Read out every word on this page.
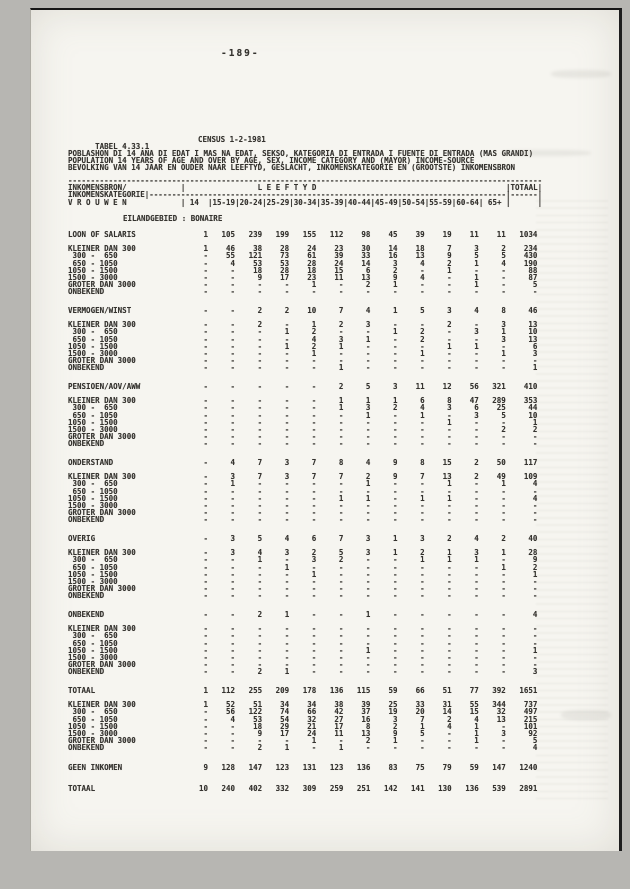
-189-

TABEL 4.33.1

CENSUS 1-2-1981

POBLASHON DI 14 ANA DI EDAT I MAS NA EDAT, SEKSO, KATEGORIA DI ENTRADA I FUENTE DI ENTRADA (MAS GRANDI)
POPULATION 14 YEARS OF AGE AND OVER BY AGE, SEX, INCOME CATEGORY AND (MAYOR) INCOME-SOURCE
BEVOLKING VAN 14 JAAR EN OUDER NAAR LEEFTYD, GESLACHT, INKOMENSKATEGORIE EN (GROOTSTE) INKOMENSBRON
---------------------------------------------------------------------------------------------------------
INKOMENSBRON/            |                L E E F T Y D                                          |TOTAAL|
INKOMENSKATEGORIE|-------------------------------------------------------------------------------|------|
V R O U W E N            | 14  |15-19|20-24|25-29|30-34|35-39|40-44|45-49|50-54|55-59|60-64| 65+ |      |
EILANDGEBIED : BONAIRE
LOON OF SALARIS	1	105	239	199	155	112	98	45	39	19	11	11	1034
KLEINER DAN 300	1	46	38	28	24	23	30	14	18	7	3	2	234
300 -  650	-	55	121	73	61	39	33	16	13	9	5	5	430
650 - 1050	-	4	53	53	28	24	14	3	4	2	1	4	190
1050 - 1500	-	-	18	28	18	15	6	2	-	1	-	-	88
1500 - 3000	-	-	9	17	23	11	13	9	4	-	1	-	87
GROTER DAN 3000	-	-	-	-	1	-	2	1	-	-	1	-	5
ONBEKEND	-	-	-	-	-	-	-	-	-	-	-	-	-
VERMOGEN/WINST	-	-	2	2	10	7	4	1	5	3	4	8	46
KLEINER DAN 300	-	-	2	-	1	2	3	-	-	2	-	3	13
300 -  650	-	-	-	1	2	-	-	1	2	-	3	1	10
650 - 1050	-	-	-	-	4	3	1	-	2	-	-	3	13
1050 - 1500	-	-	-	1	2	1	-	-	-	1	1	-	6
1500 - 3000	-	-	-	-	1	-	-	-	1	-	-	1	3
GROTER DAN 3000	-	-	-	-	-	-	-	-	-	-	-	-	-
ONBEKEND	-	-	-	-	-	1	-	-	-	-	-	-	1
PENSIOEN/AOV/AWW	-	-	-	-	-	2	5	3	11	12	56	321	410
KLEINER DAN 300	-	-	-	-	-	1	1	1	6	8	47	289	353
300 -  650	-	-	-	-	-	1	3	2	4	3	6	25	44
650 - 1050	-	-	-	-	-	-	1	-	1	-	3	5	10
1050 - 1500	-	-	-	-	-	-	-	-	-	1	-	-	1
1500 - 3000	-	-	-	-	-	-	-	-	-	-	-	2	2
GROTER DAN 3000	-	-	-	-	-	-	-	-	-	-	-	-	-
ONBEKEND	-	-	-	-	-	-	-	-	-	-	-	-	-
ONDERSTAND	-	4	7	3	7	8	4	9	8	15	2	50	117
KLEINER DAN 300	-	3	7	3	7	7	2	9	7	13	2	49	109
300 -  650	-	1	-	-	-	-	1	-	-	1	-	1	4
650 - 1050	-	-	-	-	-	-	-	-	-	-	-	-	-
1050 - 1500	-	-	-	-	-	1	1	-	1	1	-	-	4
1500 - 3000	-	-	-	-	-	-	-	-	-	-	-	-	-
GROTER DAN 3000	-	-	-	-	-	-	-	-	-	-	-	-	-
ONBEKEND	-	-	-	-	-	-	-	-	-	-	-	-	-
OVERIG	-	3	5	4	6	7	3	1	3	2	4	2	40
KLEINER DAN 300	-	3	4	3	2	5	3	1	2	1	3	1	28
300 -  650	-	-	1	-	3	2	-	-	1	1	1	-	9
650 - 1050	-	-	-	1	-	-	-	-	-	-	-	1	2
1050 - 1500	-	-	-	-	1	-	-	-	-	-	-	-	1
1500 - 3000	-	-	-	-	-	-	-	-	-	-	-	-	-
GROTER DAN 3000	-	-	-	-	-	-	-	-	-	-	-	-	-
ONBEKEND	-	-	-	-	-	-	-	-	-	-	-	-	-
ONBEKEND	-	-	2	1	-	-	1	-	-	-	-	-	4
KLEINER DAN 300	-	-	-	-	-	-	-	-	-	-	-	-	-
300 -  650	-	-	-	-	-	-	-	-	-	-	-	-	-
650 - 1050	-	-	-	-	-	-	-	-	-	-	-	-	-
1050 - 1500	-	-	-	-	-	-	1	-	-	-	-	-	1
1500 - 3000	-	-	-	-	-	-	-	-	-	-	-	-	-
GROTER DAN 3000	-	-	-	-	-	-	-	-	-	-	-	-	-
ONBEKEND	-	-	2	1	-	-	-	-	-	-	-	-	3
TOTAAL	1	112	255	209	178	136	115	59	66	51	77	392	1651
KLEINER DAN 300	1	52	51	34	34	38	39	25	33	31	55	344	737
300 -  650	-	56	122	74	66	42	37	19	20	14	15	32	497
650 - 1050	-	4	53	54	32	27	16	3	7	2	4	13	215
1050 - 1500	-	-	18	29	21	17	8	2	1	4	1	-	101
1500 - 3000	-	-	9	17	24	11	13	9	5	-	1	3	92
GROTER DAN 3000	-	-	-	-	1	-	2	1	-	-	1	-	5
ONBEKEND	-	-	2	1	-	1	-	-	-	-	-	-	4
GEEN INKOMEN	9	128	147	123	131	123	136	83	75	79	59	147	1240
TOTAAL	10	240	402	332	309	259	251	142	141	130	136	539	2891
